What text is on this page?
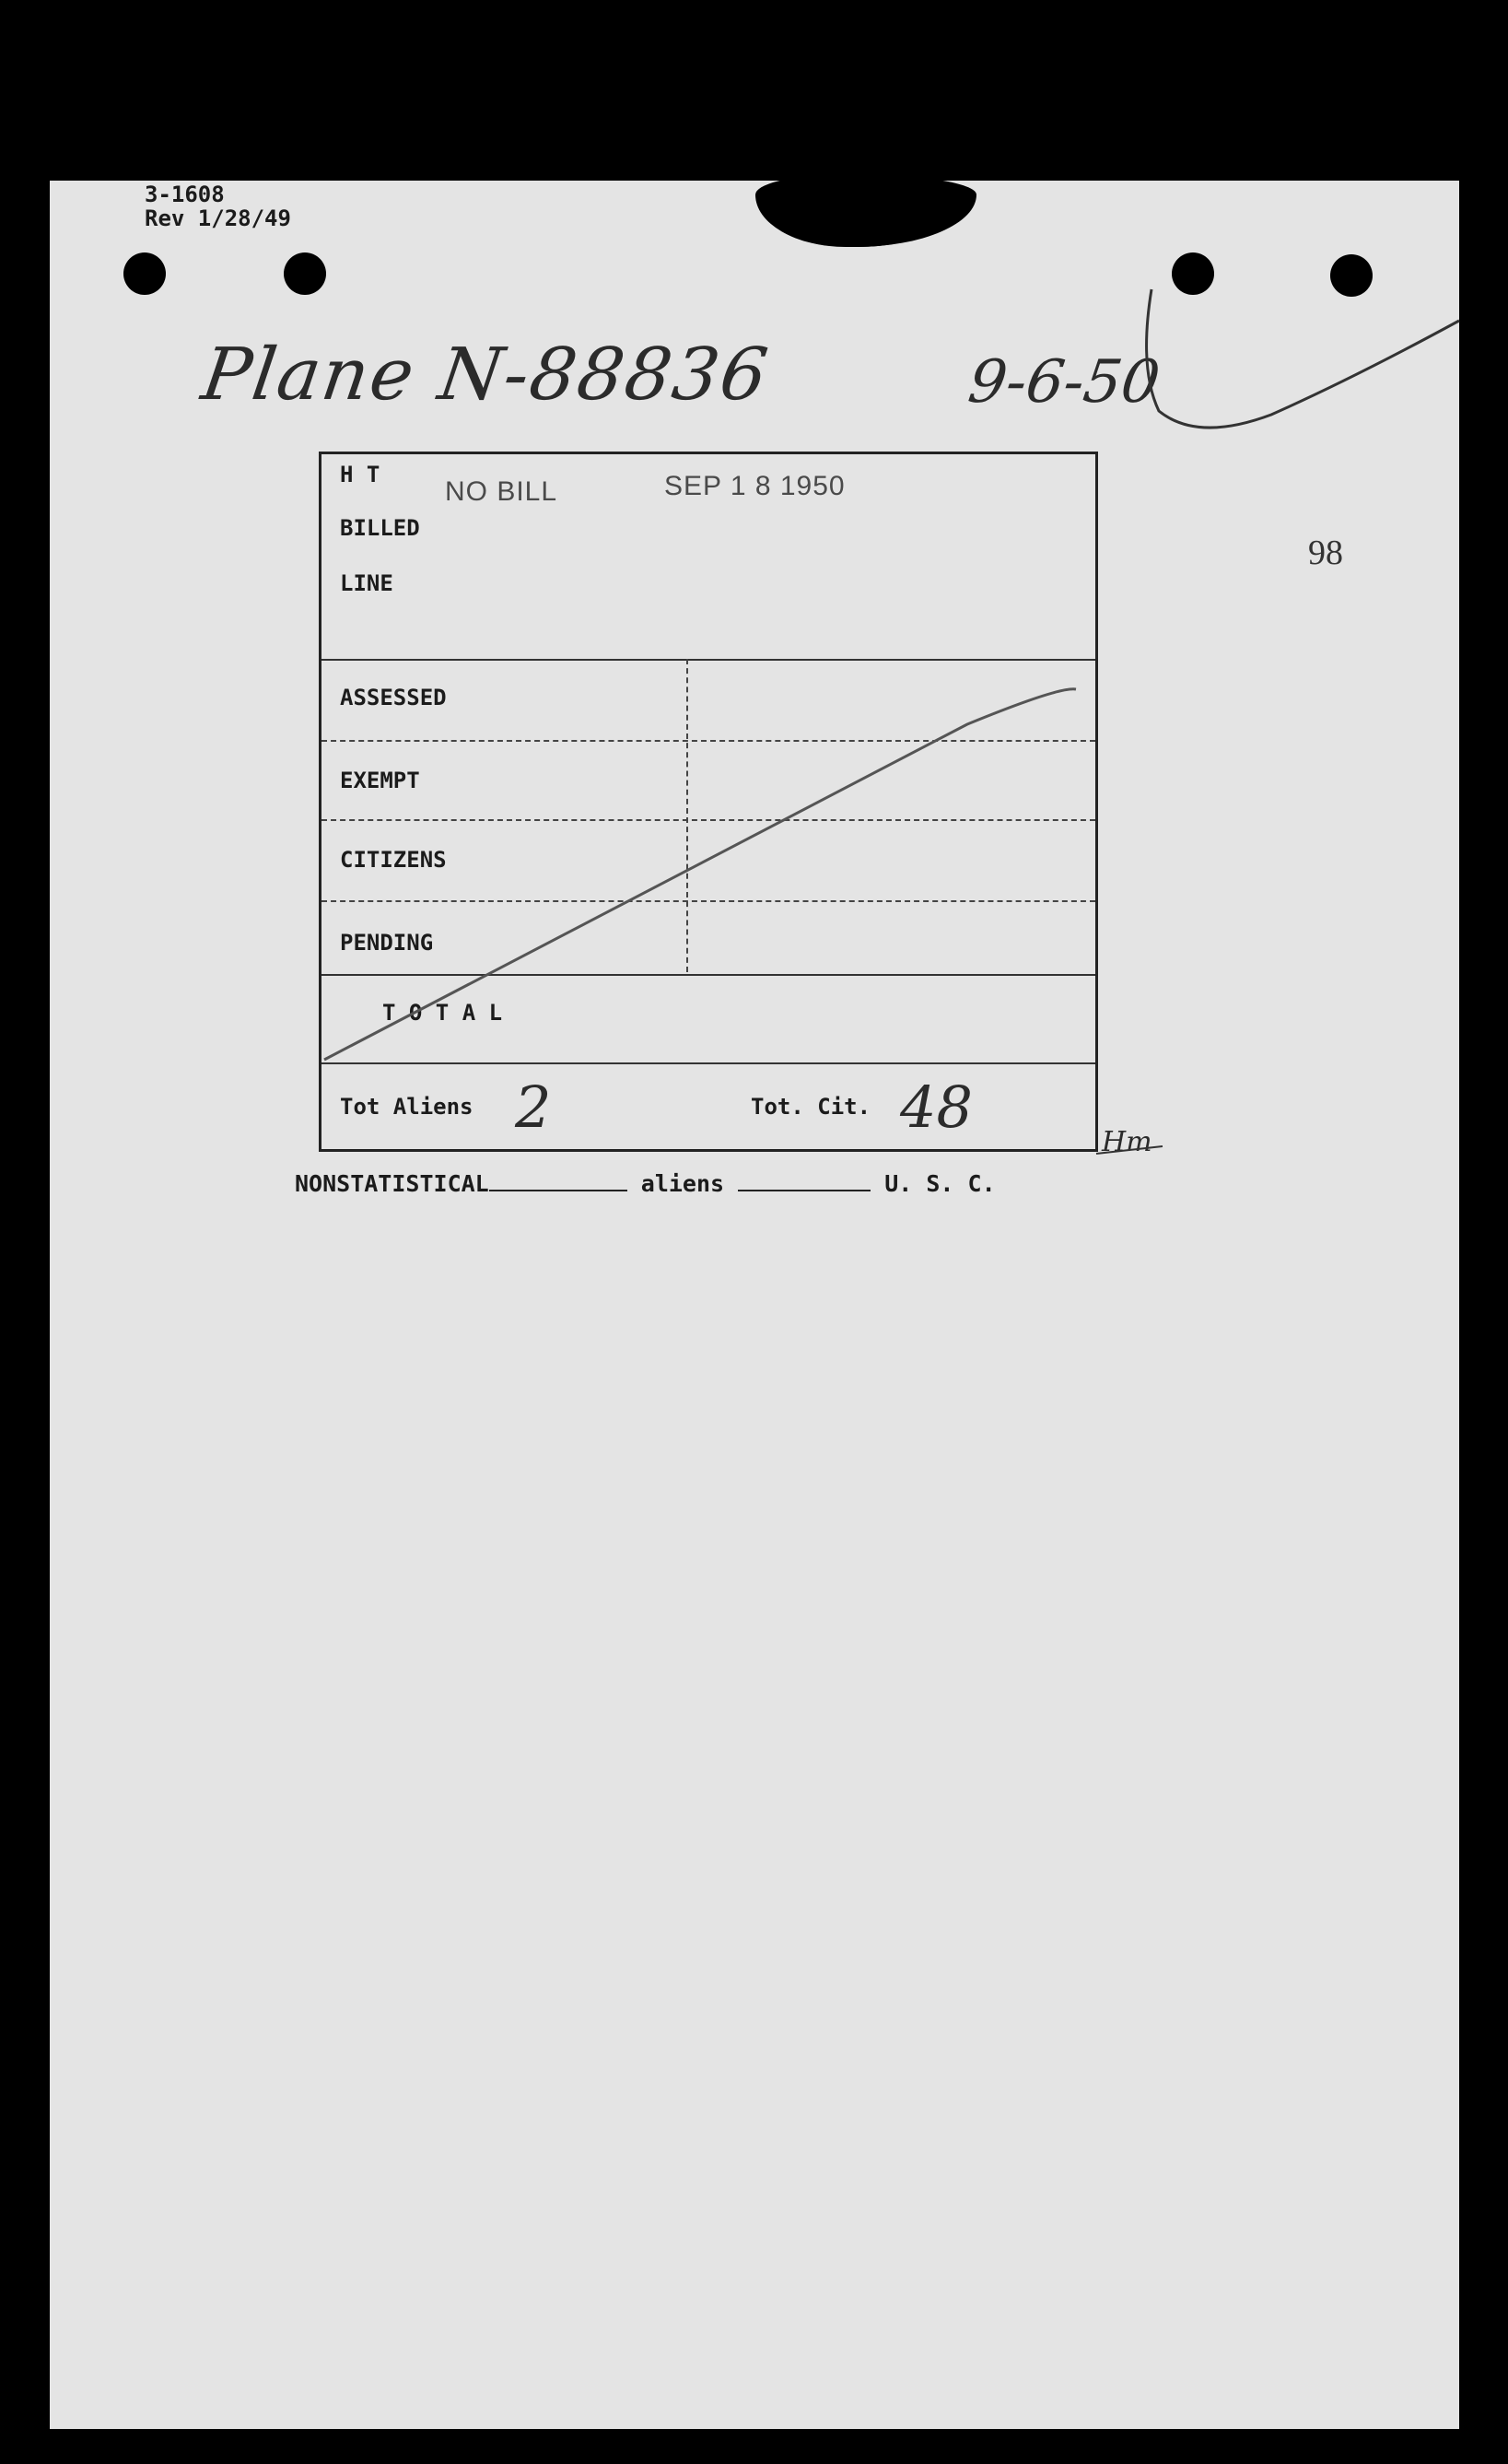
3-1608
Rev 1/28/49
Plane N-88836	9-6-50
98
H T
BILLED
LINE
NO BILL	SEP 1 8 1950
ASSESSED
EXEMPT
CITIZENS
PENDING
T O T A L
Tot Aliens 2	Tot. Cit. 48
Hm
NONSTATISTICAL	aliens	U. S. C.
